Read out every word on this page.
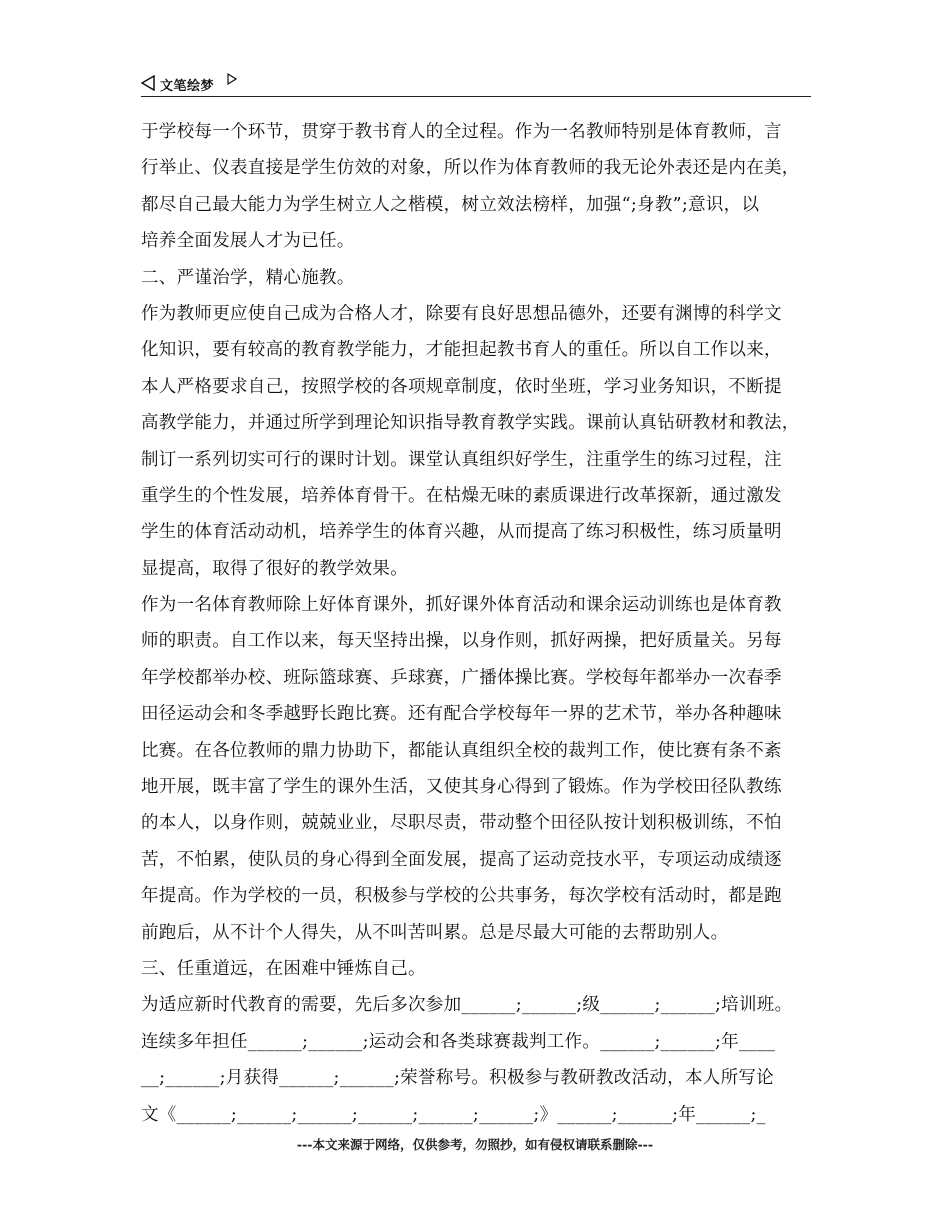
文笔绘梦
于学校每一个环节，贯穿于教书育人的全过程。作为一名教师特别是体育教师，言
行举止、仪表直接是学生仿效的对象，所以作为体育教师的我无论外表还是内在美，
都尽自己最大能力为学生树立人之楷模，树立效法榜样，加强“;身教”;意识，以
培养全面发展人才为已任。
二、严谨治学，精心施教。
作为教师更应使自己成为合格人才，除要有良好思想品德外，还要有渊博的科学文
化知识，要有较高的教育教学能力，才能担起教书育人的重任。所以自工作以来，
本人严格要求自己，按照学校的各项规章制度，依时坐班，学习业务知识，不断提
高教学能力，并通过所学到理论知识指导教育教学实践。课前认真钻研教材和教法，
制订一系列切实可行的课时计划。课堂认真组织好学生，注重学生的练习过程，注
重学生的个性发展，培养体育骨干。在枯燥无味的素质课进行改革探新，通过激发
学生的体育活动动机，培养学生的体育兴趣，从而提高了练习积极性，练习质量明
显提高，取得了很好的教学效果。
作为一名体育教师除上好体育课外，抓好课外体育活动和课余运动训练也是体育教
师的职责。自工作以来，每天坚持出操，以身作则，抓好两操，把好质量关。另每
年学校都举办校、班际篮球赛、乒球赛，广播体操比赛。学校每年都举办一次春季
田径运动会和冬季越野长跑比赛。还有配合学校每年一界的艺术节，举办各种趣味
比赛。在各位教师的鼎力协助下，都能认真组织全校的裁判工作，使比赛有条不紊
地开展，既丰富了学生的课外生活，又使其身心得到了锻炼。作为学校田径队教练
的本人，以身作则，兢兢业业，尽职尽责，带动整个田径队按计划积极训练，不怕
苦，不怕累，使队员的身心得到全面发展，提高了运动竞技水平，专项运动成绩逐
年提高。作为学校的一员，积极参与学校的公共事务，每次学校有活动时，都是跑
前跑后，从不计个人得失，从不叫苦叫累。总是尽最大可能的去帮助别人。
三、任重道远，在困难中锤炼自己。
为适应新时代教育的需要，先后多次参加______;______;级______;______;培训班。
连续多年担任______;______;运动会和各类球赛裁判工作。______;______;年____
__;______;月获得______;______;荣誉称号。积极参与教研教改活动，本人所写论
文《______;______;______;______;______;______;》______;______;年______;_
---本文来源于网络，仅供参考，勿照抄，如有侵权请联系删除---
